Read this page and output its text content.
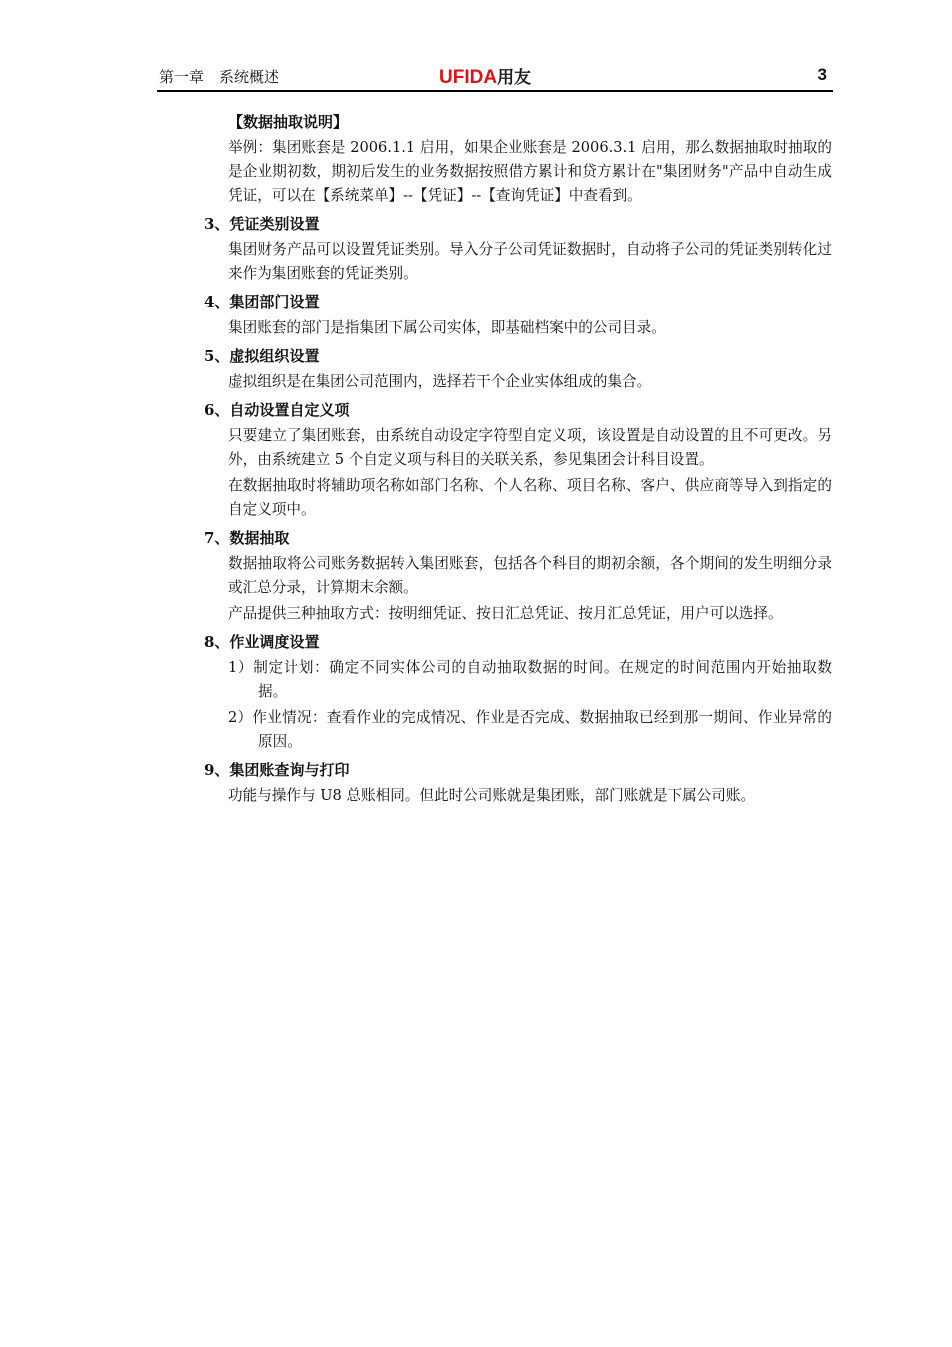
第一章　系统概述	UFIDA用友	3
【数据抽取说明】

举例：集团账套是 2006.1.1 启用，如果企业账套是 2006.3.1 启用，那么数据抽取时抽取的是企业期初数，期初后发生的业务数据按照借方累计和贷方累计在"集团财务"产品中自动生成凭证，可以在【系统菜单】--【凭证】--【查询凭证】中查看到。

3、凭证类别设置

集团财务产品可以设置凭证类别。导入分子公司凭证数据时，自动将子公司的凭证类别转化过来作为集团账套的凭证类别。

4、集团部门设置

集团账套的部门是指集团下属公司实体，即基础档案中的公司目录。

5、虚拟组织设置

虚拟组织是在集团公司范围内，选择若干个企业实体组成的集合。

6、自动设置自定义项

只要建立了集团账套，由系统自动设定字符型自定义项，该设置是自动设置的且不可更改。另外，由系统建立 5 个自定义项与科目的关联关系，参见集团会计科目设置。

在数据抽取时将辅助项名称如部门名称、个人名称、项目名称、客户、供应商等导入到指定的自定义项中。

7、数据抽取

数据抽取将公司账务数据转入集团账套，包括各个科目的期初余额，各个期间的发生明细分录或汇总分录，计算期末余额。

产品提供三种抽取方式：按明细凭证、按日汇总凭证、按月汇总凭证，用户可以选择。

8、作业调度设置

1）制定计划：确定不同实体公司的自动抽取数据的时间。在规定的时间范围内开始抽取数据。

2）作业情况：查看作业的完成情况、作业是否完成、数据抽取已经到那一期间、作业异常的原因。

9、集团账查询与打印

功能与操作与 U8 总账相同。但此时公司账就是集团账，部门账就是下属公司账。
